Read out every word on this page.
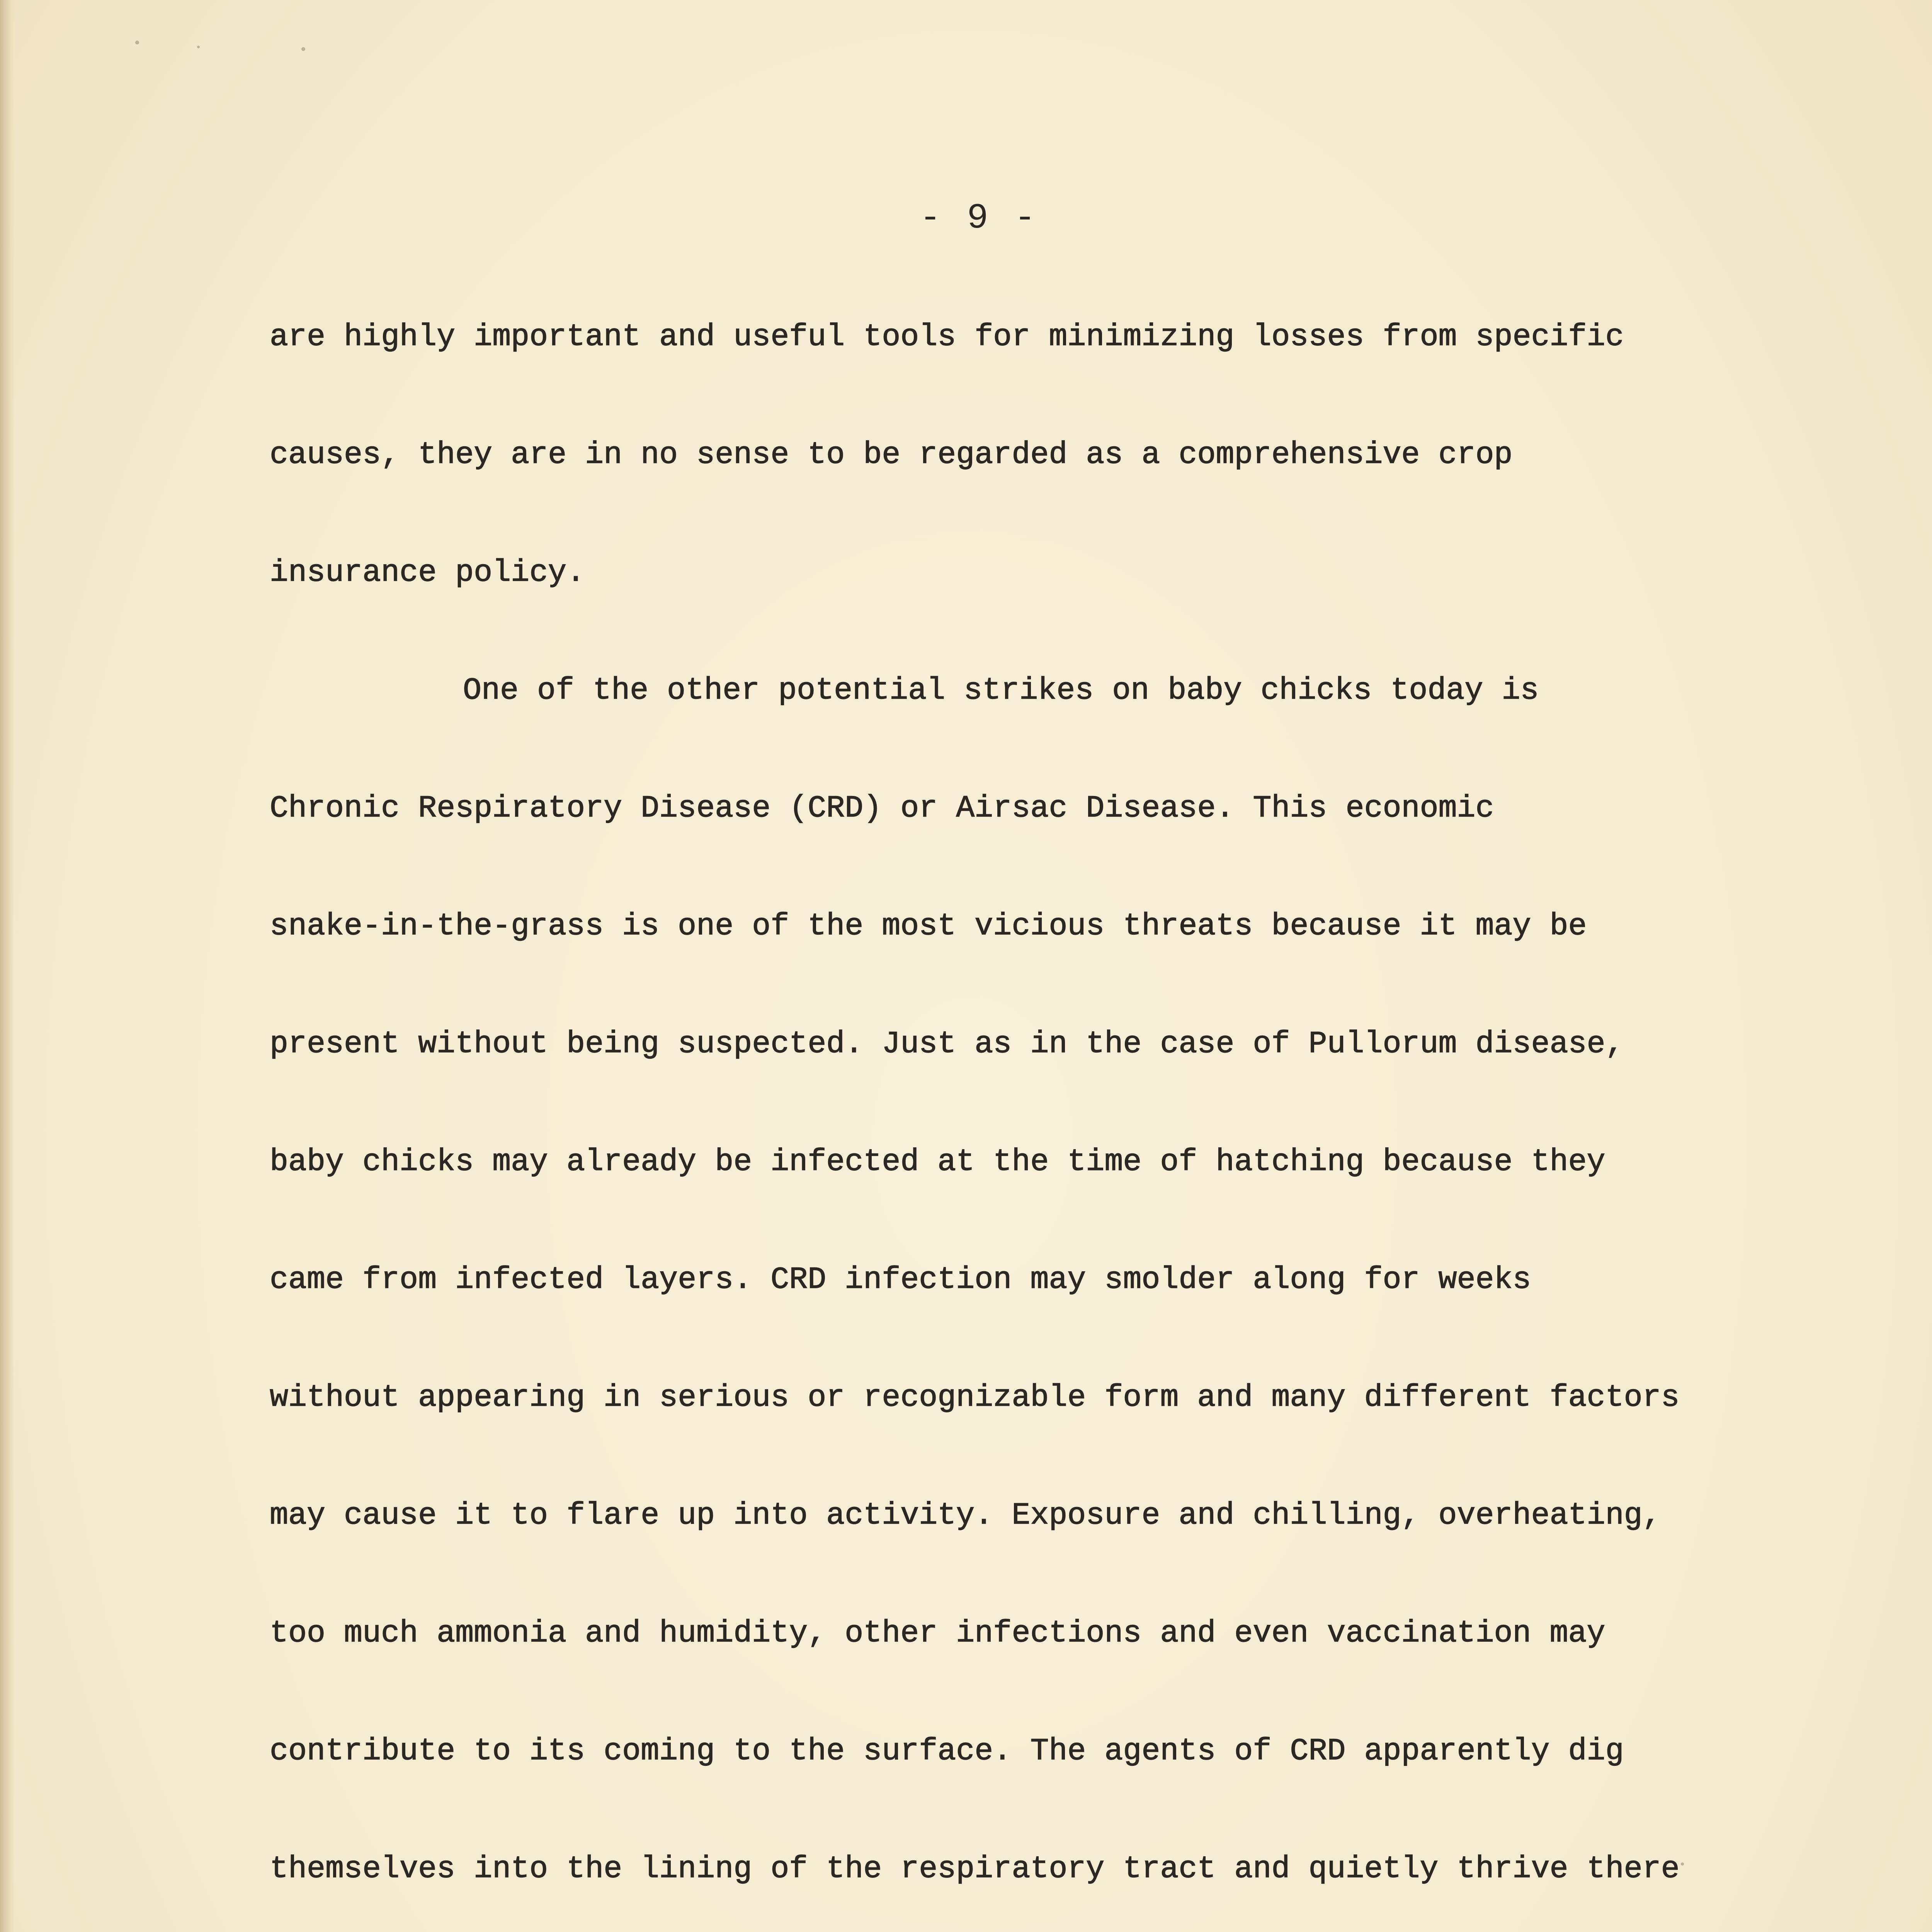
- 9 -
are highly important and useful tools for minimizing losses from specific
causes, they are in no sense to be regarded as a comprehensive crop
insurance policy.
One of the other potential strikes on baby chicks today is
Chronic Respiratory Disease (CRD) or Airsac Disease. This economic
snake-in-the-grass is one of the most vicious threats because it may be
present without being suspected. Just as in the case of Pullorum disease,
baby chicks may already be infected at the time of hatching because they
came from infected layers. CRD infection may smolder along for weeks
without appearing in serious or recognizable form and many different factors
may cause it to flare up into activity. Exposure and chilling, overheating,
too much ammonia and humidity, other infections and even vaccination may
contribute to its coming to the surface. The agents of CRD apparently dig
themselves into the lining of the respiratory tract and quietly thrive there
